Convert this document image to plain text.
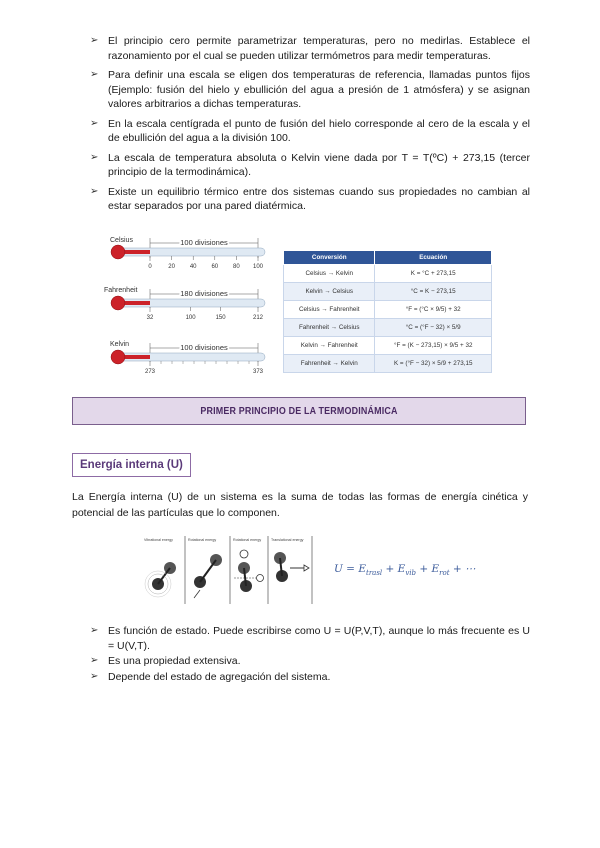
➢ El principio cero permite parametrizar temperaturas, pero no medirlas. Establece el razonamiento por el cual se pueden utilizar termómetros para medir temperaturas.
➢ Para definir una escala se eligen dos temperaturas de referencia, llamadas puntos fijos (Ejemplo: fusión del hielo y ebullición del agua a presión de 1 atmósfera) y se asignan valores arbitrarios a dichas temperaturas.
➢ En la escala centígrada el punto de fusión del hielo corresponde al cero de la escala y el de ebullición del agua a la división 100.
➢ La escala de temperatura absoluta o Kelvin viene dada por T = T(ºC) + 273,15 (tercer principio de la termodinámica).
➢ Existe un equilibrio térmico entre dos sistemas cuando sus propiedades no cambian al estar separados por una pared diatérmica.
Celsius	100 divisiones
0	20 40 60 80 100
Fahrenheit	180 divisiones
32	100	150	212
Kelvin	100 divisiones
273	373
Conversión	Ecuación
Celsius → Kelvin	K = °C + 273,15
Kelvin → Celsius	°C = K − 273,15
Celsius → Fahrenheit	°F = (°C × 9/5) + 32
Fahrenheit → Celsius	°C = (°F − 32) × 5/9
Kelvin → Fahrenheit	°F = (K − 273,15) × 9/5 + 32
Fahrenheit → Kelvin	K = (°F − 32) × 5/9 + 273,15
PRIMER PRINCIPIO DE LA TERMODINÁMICA
Energía interna (U)

La Energía interna (U) de un sistema es la suma de todas las formas de energía cinética y potencial de las partículas que lo componen.

Vibrational energy	Rotational energy	Rotational energy	Translational energy
$U = E_{trasl} + E_{vib} + E_{rot}$ + ⋯
➢ Es función de estado. Puede escribirse como U = U(P,V,T), aunque lo más frecuente es U = U(V,T).
➢ Es una propiedad extensiva.
➢ Depende del estado de agregación del sistema.
